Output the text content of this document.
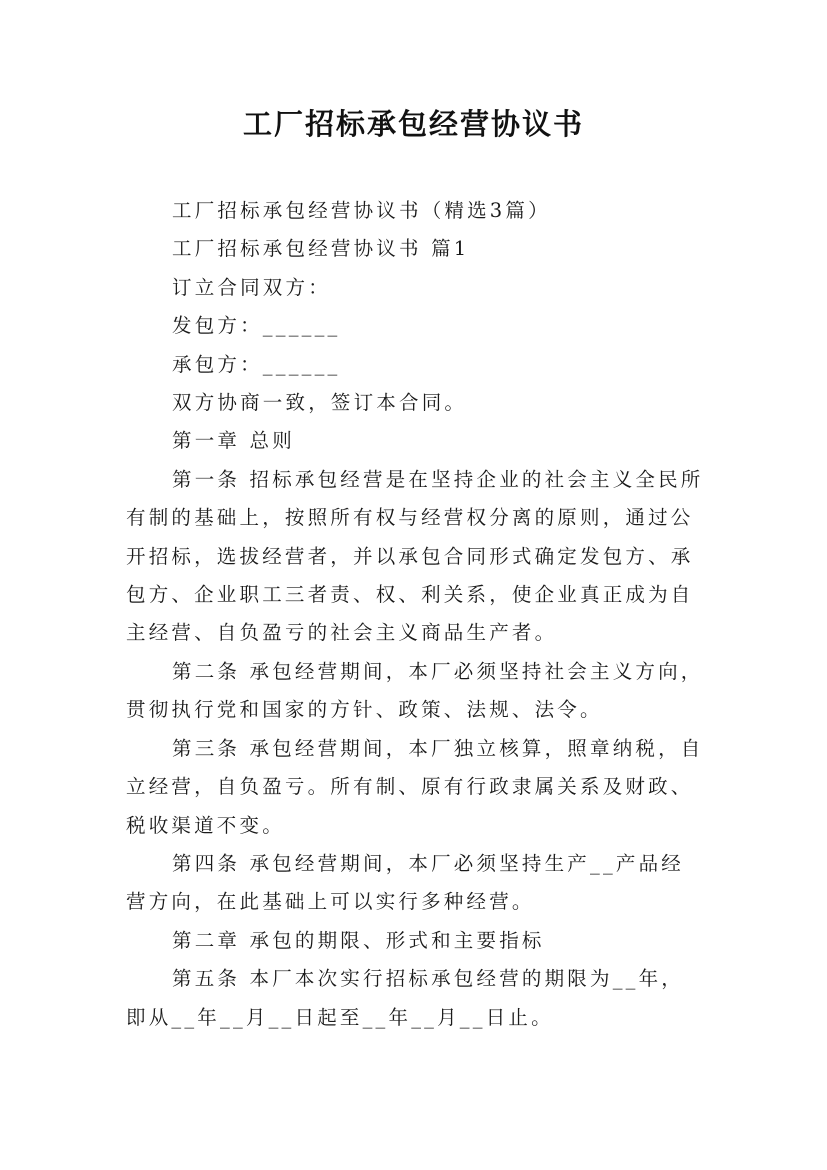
工厂招标承包经营协议书

工厂招标承包经营协议书（精选3篇）

工厂招标承包经营协议书 篇1

订立合同双方：

发包方：______

承包方：______

双方协商一致，签订本合同。

第一章 总则

第一条 招标承包经营是在坚持企业的社会主义全民所有制的基础上，按照所有权与经营权分离的原则，通过公开招标，选拔经营者，并以承包合同形式确定发包方、承包方、企业职工三者责、权、利关系，使企业真正成为自主经营、自负盈亏的社会主义商品生产者。

第二条 承包经营期间，本厂必须坚持社会主义方向，贯彻执行党和国家的方针、政策、法规、法令。

第三条 承包经营期间，本厂独立核算，照章纳税，自立经营，自负盈亏。所有制、原有行政隶属关系及财政、税收渠道不变。

第四条 承包经营期间，本厂必须坚持生产__产品经营方向，在此基础上可以实行多种经营。

第二章 承包的期限、形式和主要指标

第五条 本厂本次实行招标承包经营的期限为__年，即从__年__月__日起至__年__月__日止。
